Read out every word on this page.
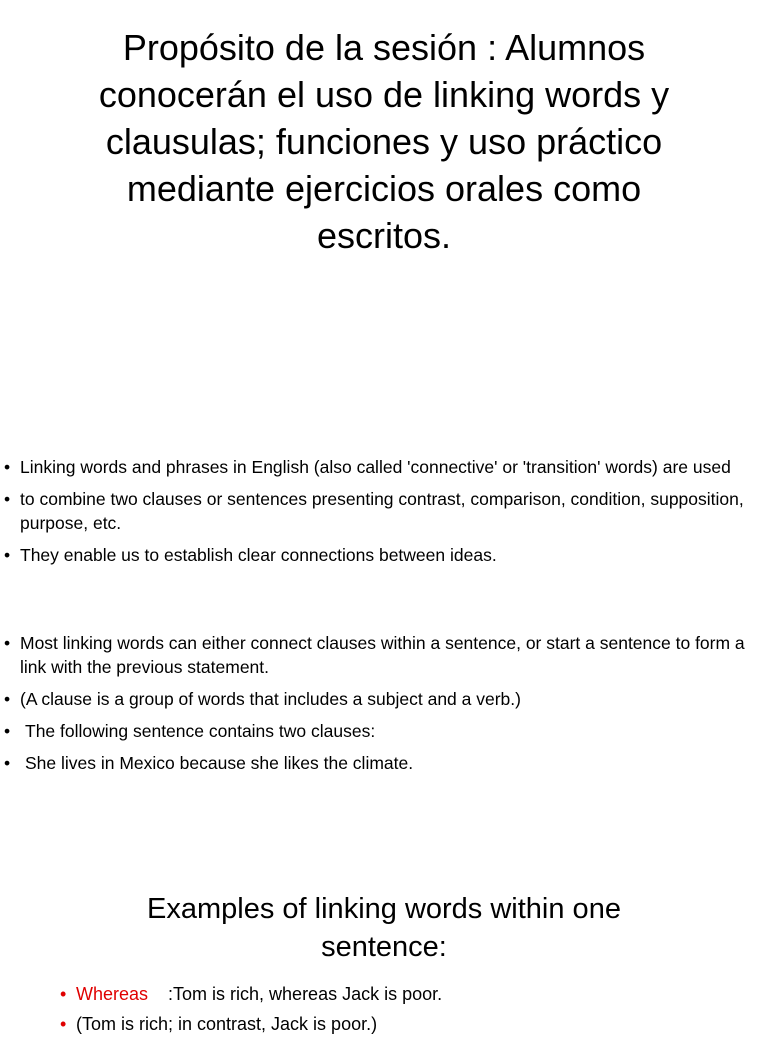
Propósito de la sesión : Alumnos conocerán el uso de linking words y clausulas; funciones y uso práctico mediante ejercicios orales como escritos.
• Linking words and phrases in English (also called 'connective' or 'transition' words) are used
• to combine two clauses or sentences presenting contrast, comparison, condition, supposition, purpose, etc.
• They enable us to establish clear connections between ideas.
• Most linking words can either connect clauses within a sentence, or start a sentence to form a link with the previous statement.
• (A clause is a group of words that includes a subject and a verb.)
• The following sentence contains two clauses:
• She lives in Mexico because she likes the climate.
Examples of linking words within one sentence:
• Whereas :Tom is rich, whereas Jack is poor.
• (Tom is rich; in contrast, Jack is poor.)
